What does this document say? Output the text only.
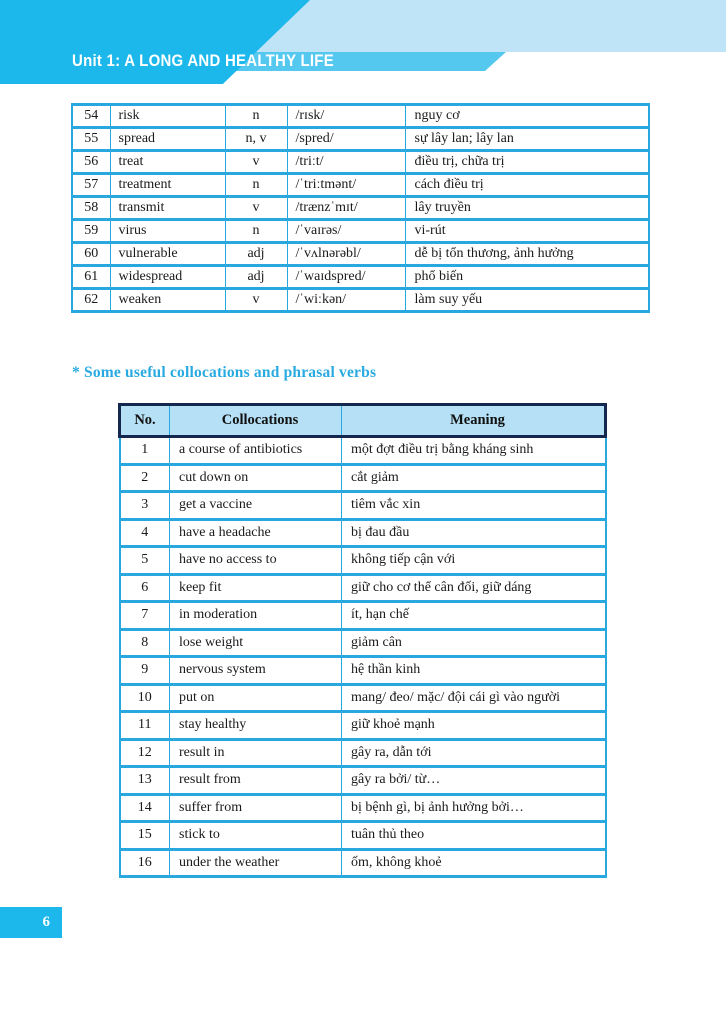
Unit 1: A LONG AND HEALTHY LIFE
54	risk	n	/rɪsk/	nguy cơ
55	spread	n, v	/spred/	sự lây lan; lây lan
56	treat	v	/triːt/	điều trị, chữa trị
57	treatment	n	/ˈtriːtmənt/	cách điều trị
58	transmit	v	/trænzˈmɪt/	lây truyền
59	virus	n	/ˈvaɪrəs/	vi-rút
60	vulnerable	adj	/ˈvʌlnərəbl/	dễ bị tổn thương, ảnh hưởng
61	widespread	adj	/ˈwaɪdspred/	phổ biến
62	weaken	v	/ˈwiːkən/	làm suy yếu
* Some useful collocations and phrasal verbs
No.	Collocations	Meaning
1	a course of antibiotics	một đợt điều trị bằng kháng sinh
2	cut down on	cắt giảm
3	get a vaccine	tiêm vắc xin
4	have a headache	bị đau đầu
5	have no access to	không tiếp cận với
6	keep fit	giữ cho cơ thể cân đối, giữ dáng
7	in moderation	ít, hạn chế
8	lose weight	giảm cân
9	nervous system	hệ thần kinh
10	put on	mang/ đeo/ mặc/ đội cái gì vào người
11	stay healthy	giữ khoẻ mạnh
12	result in	gây ra, dẫn tới
13	result from	gây ra bởi/ từ…
14	suffer from	bị bệnh gì, bị ảnh hưởng bởi…
15	stick to	tuân thủ theo
16	under the weather	ốm, không khoẻ
6
